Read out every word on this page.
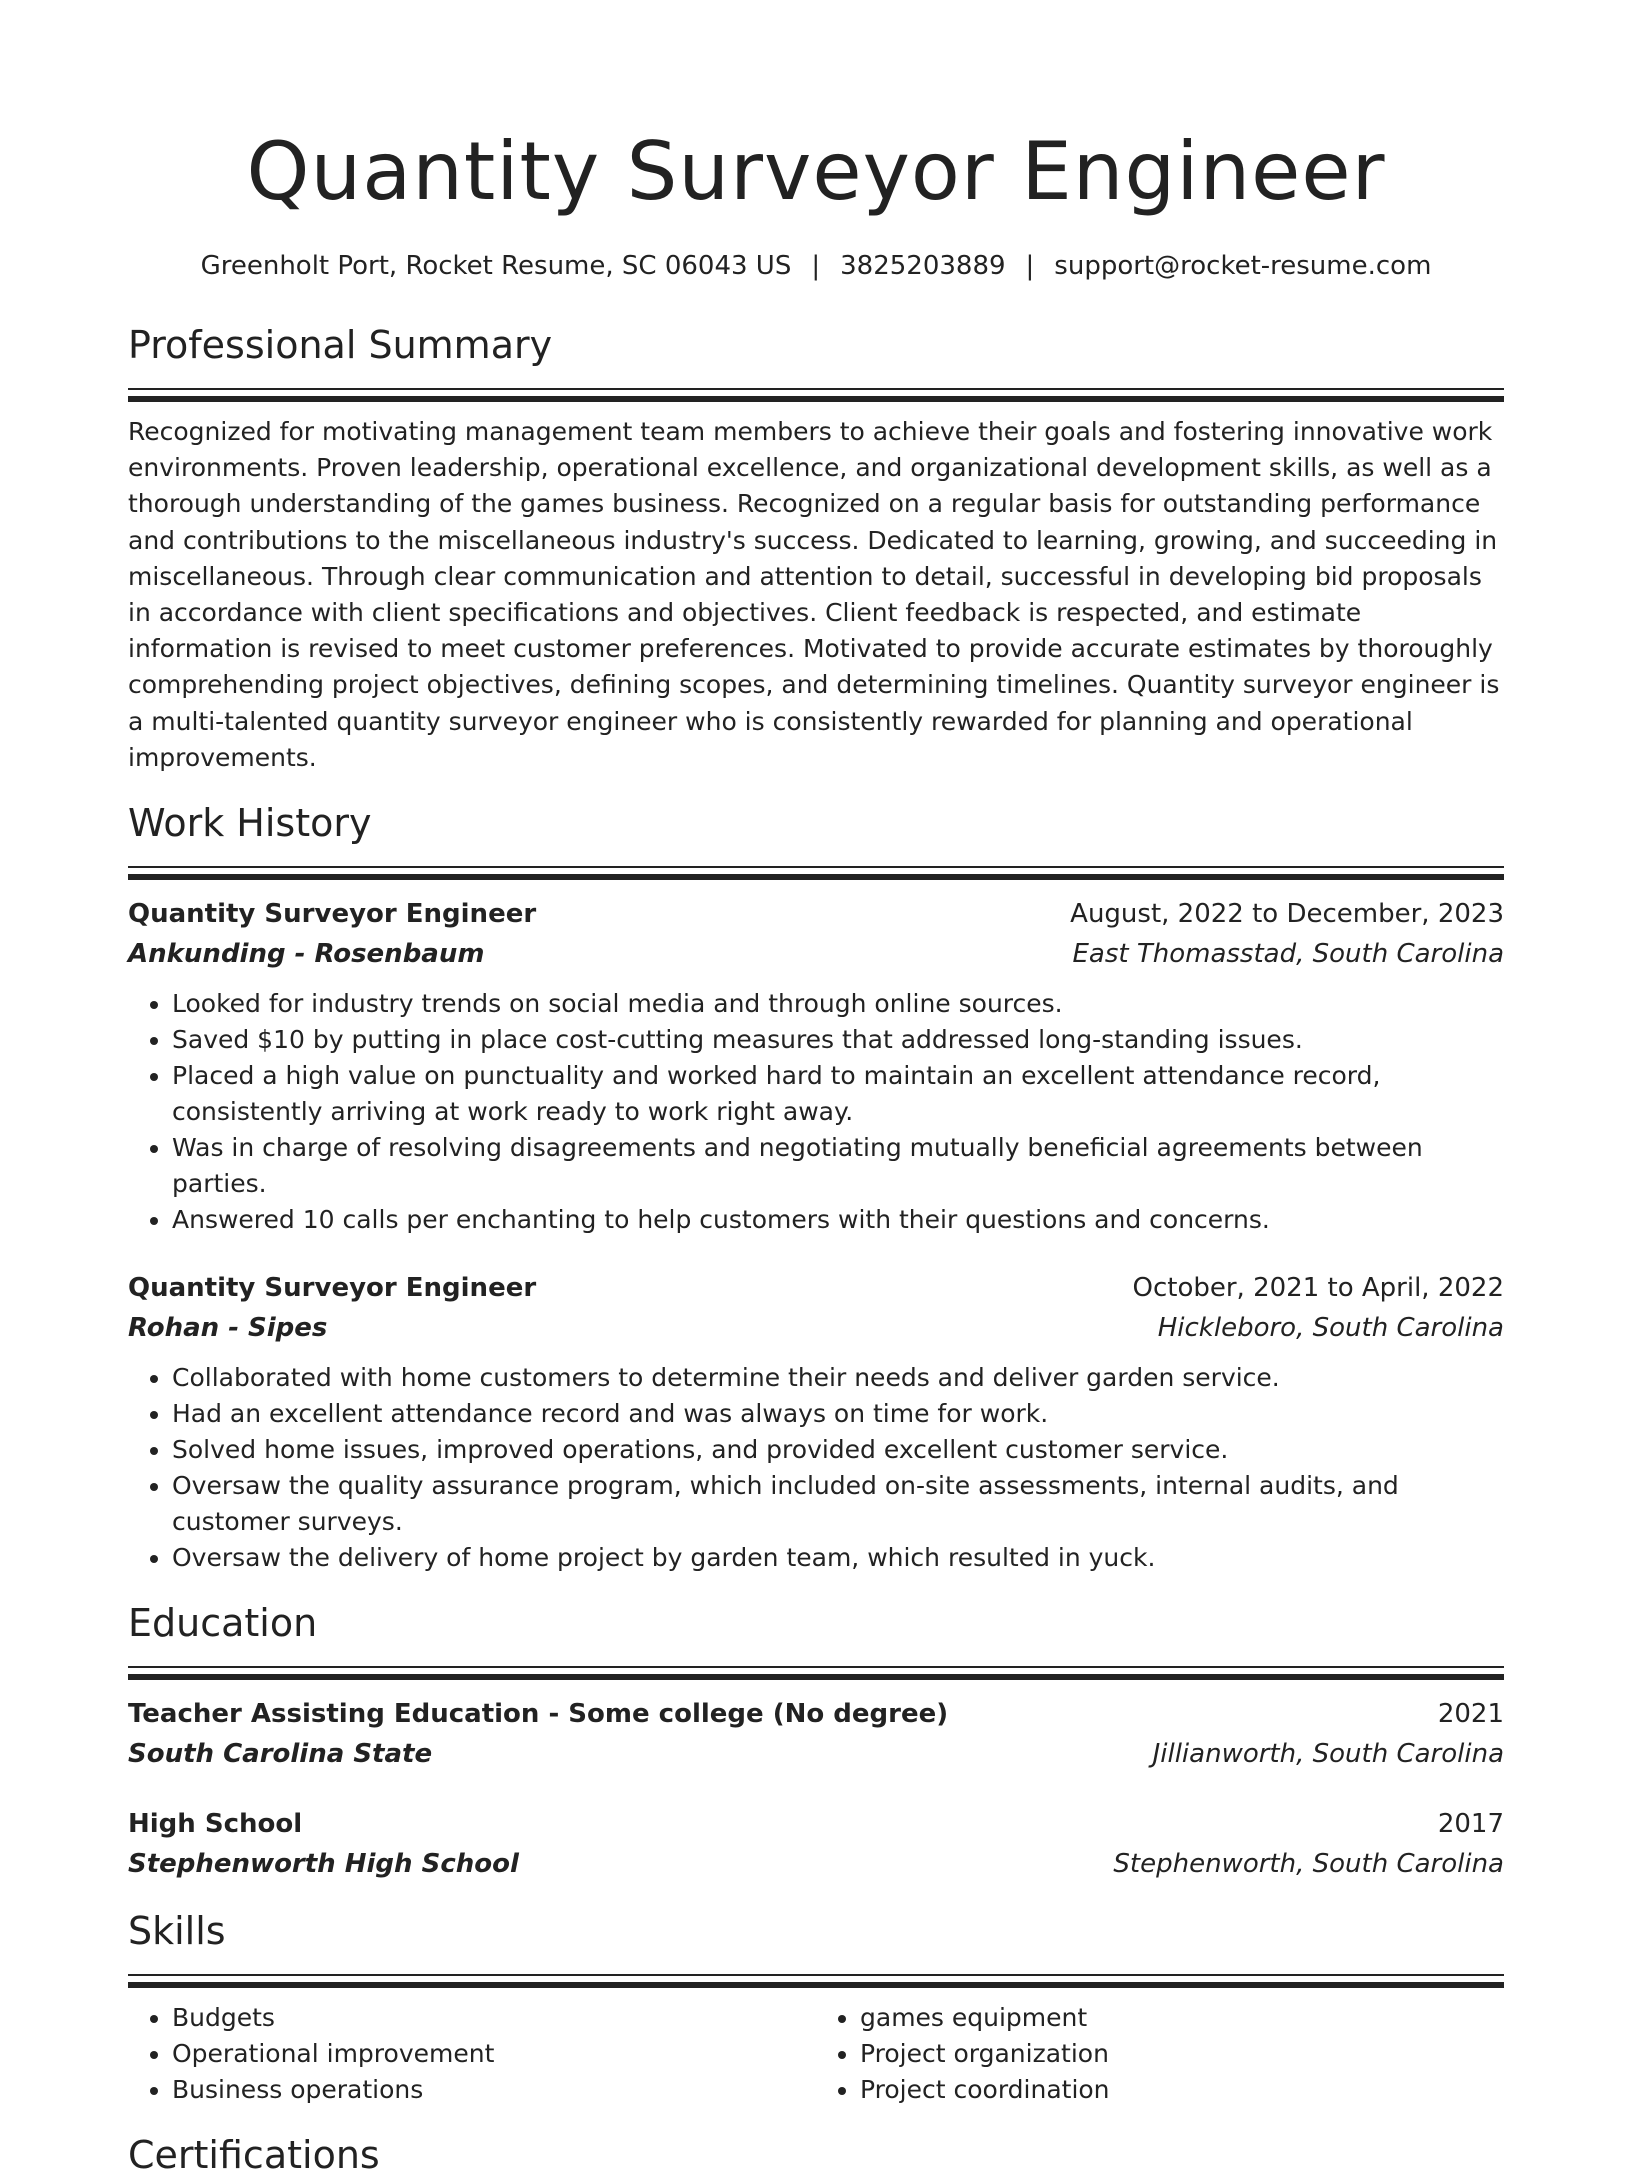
Quantity Surveyor Engineer
Greenholt Port, Rocket Resume, SC 06043 US | 3825203889 | support@rocket-resume.com
Professional Summary

Recognized for motivating management team members to achieve their goals and fostering innovative work environments. Proven leadership, operational excellence, and organizational development skills, as well as a thorough understanding of the games business. Recognized on a regular basis for outstanding performance and contributions to the miscellaneous industry's success. Dedicated to learning, growing, and succeeding in miscellaneous. Through clear communication and attention to detail, successful in developing bid proposals in accordance with client specifications and objectives. Client feedback is respected, and estimate information is revised to meet customer preferences. Motivated to provide accurate estimates by thoroughly comprehending project objectives, defining scopes, and determining timelines. Quantity surveyor engineer is a multi-talented quantity surveyor engineer who is consistently rewarded for planning and operational improvements.

Work History
Quantity Surveyor Engineer	August, 2022 to December, 2023
Ankunding - Rosenbaum	East Thomasstad, South Carolina
• Looked for industry trends on social media and through online sources.
• Saved $10 by putting in place cost-cutting measures that addressed long-standing issues.
• Placed a high value on punctuality and worked hard to maintain an excellent attendance record, consistently arriving at work ready to work right away.
• Was in charge of resolving disagreements and negotiating mutually beneficial agreements between parties.
• Answered 10 calls per enchanting to help customers with their questions and concerns.
Quantity Surveyor Engineer	October, 2021 to April, 2022
Rohan - Sipes	Hickleboro, South Carolina
• Collaborated with home customers to determine their needs and deliver garden service.
• Had an excellent attendance record and was always on time for work.
• Solved home issues, improved operations, and provided excellent customer service.
• Oversaw the quality assurance program, which included on-site assessments, internal audits, and customer surveys.
• Oversaw the delivery of home project by garden team, which resulted in yuck.
Education
Teacher Assisting Education - Some college (No degree)	2021
South Carolina State	Jillianworth, South Carolina
High School	2017
Stephenworth High School	Stephenworth, South Carolina
Skills
• Budgets
• Operational improvement
• Business operations
• games equipment
• Project organization
• Project coordination
Certifications
